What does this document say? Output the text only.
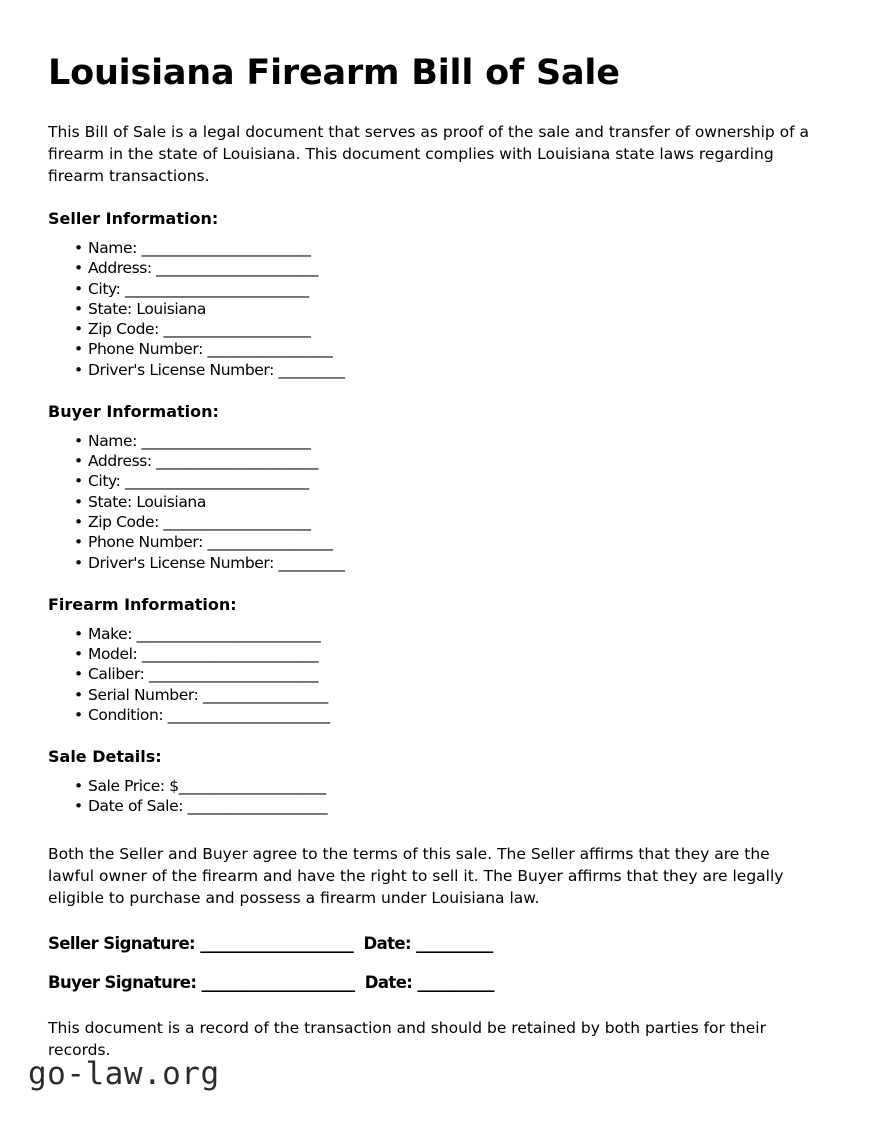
Louisiana Firearm Bill of Sale

This Bill of Sale is a legal document that serves as proof of the sale and transfer of ownership of a firearm in the state of Louisiana. This document complies with Louisiana state laws regarding firearm transactions.

Seller Information:
• Name: _______________________
• Address: ______________________
• City: _________________________
• State: Louisiana
• Zip Code: ____________________
• Phone Number: _________________
• Driver's License Number: _________
Buyer Information:
• Name: _______________________
• Address: ______________________
• City: _________________________
• State: Louisiana
• Zip Code: ____________________
• Phone Number: _________________
• Driver's License Number: _________
Firearm Information:
• Make: _________________________
• Model: ________________________
• Caliber: _______________________
• Serial Number: _________________
• Condition: ______________________
Sale Details:
• Sale Price: $____________________
• Date of Sale: ___________________

Both the Seller and Buyer agree to the terms of this sale. The Seller affirms that they are the lawful owner of the firearm and have the right to sell it. The Buyer affirms that they are legally eligible to purchase and possess a firearm under Louisiana law.

Seller Signature: ____________________  Date: __________
Buyer Signature: ____________________  Date: __________

This document is a record of the transaction and should be retained by both parties for their records.

go-law.org
